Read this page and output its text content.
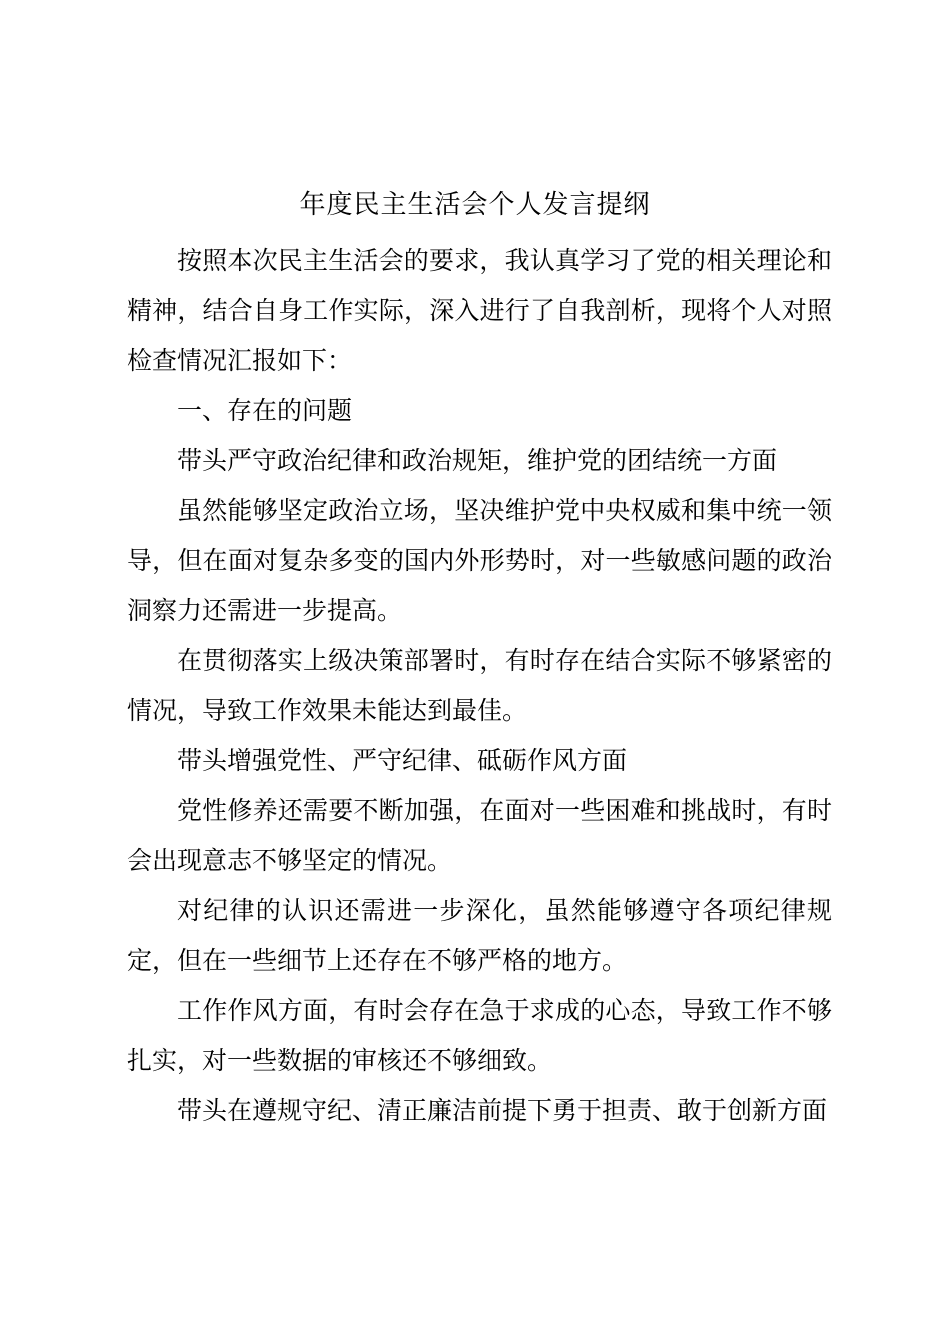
年度民主生活会个人发言提纲

按照本次民主生活会的要求，我认真学习了党的相关理论和精神，结合自身工作实际，深入进行了自我剖析，现将个人对照检查情况汇报如下：

一、存在的问题

带头严守政治纪律和政治规矩，维护党的团结统一方面

虽然能够坚定政治立场，坚决维护党中央权威和集中统一领导，但在面对复杂多变的国内外形势时，对一些敏感问题的政治洞察力还需进一步提高。

在贯彻落实上级决策部署时，有时存在结合实际不够紧密的情况，导致工作效果未能达到最佳。

带头增强党性、严守纪律、砥砺作风方面

党性修养还需要不断加强，在面对一些困难和挑战时，有时会出现意志不够坚定的情况。

对纪律的认识还需进一步深化，虽然能够遵守各项纪律规定，但在一些细节上还存在不够严格的地方。

工作作风方面，有时会存在急于求成的心态，导致工作不够扎实，对一些数据的审核还不够细致。

带头在遵规守纪、清正廉洁前提下勇于担责、敢于创新方面
